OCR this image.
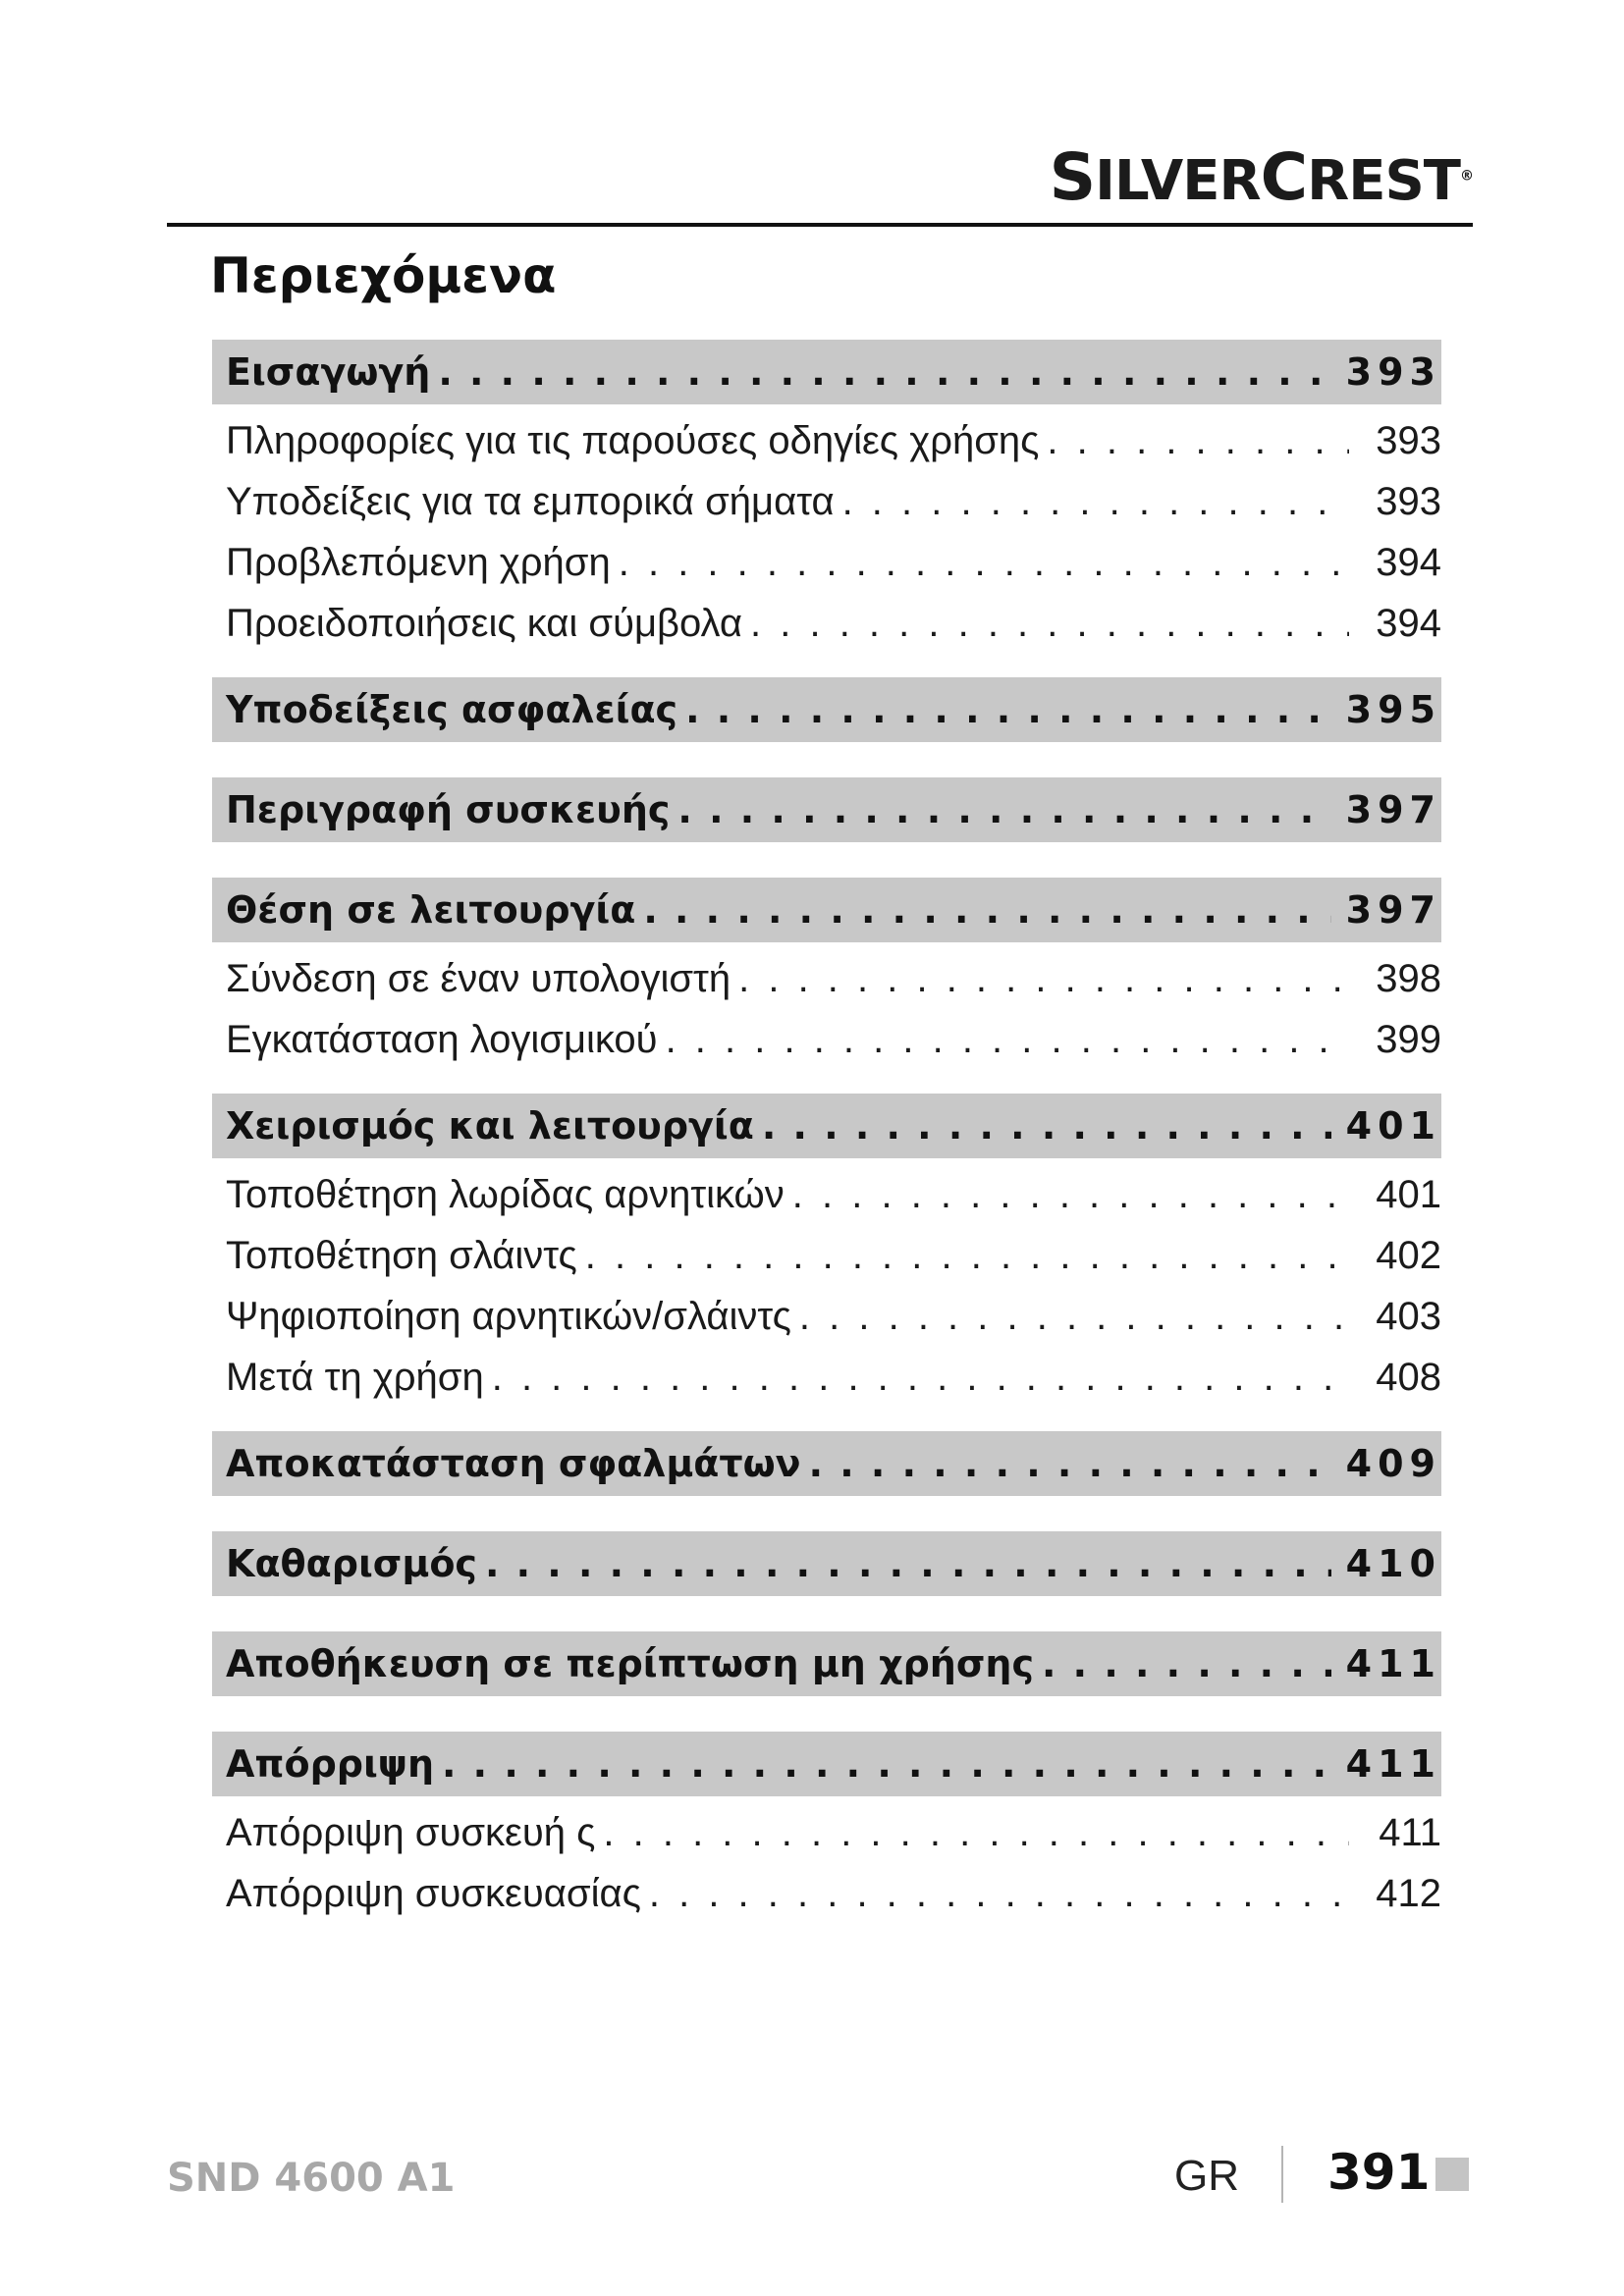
SILVERCREST®
Περιεχόμενα
Εισαγωγή . . .	393
Πληροφορίες για τις παρούσες οδηγίες χρήσης . . .	393
Υποδείξεις για τα εμπορικά σήματα . . .	393
Προβλεπόμενη χρήση . . .	394
Προειδοποιήσεις και σύμβολα . . .	394
Υποδείξεις ασφαλείας . . .	395
Περιγραφή συσκευής . . .	397
Θέση σε λειτουργία . . .	397
Σύνδεση σε έναν υπολογιστή . . .	398
Εγκατάσταση λογισμικού . . .	399
Χειρισμός και λειτουργία . . .	401
Τοποθέτηση λωρίδας αρνητικών . . .	401
Τοποθέτηση σλάιντς . . .	402
Ψηφιοποίηση αρνητικών/σλάιντς . . .	403
Μετά τη χρήση . . .	408
Αποκατάσταση σφαλμάτων . . .	409
Καθαρισμός . . .	410
Αποθήκευση σε περίπτωση μη χρήσης . . .	411
Απόρριψη . . .	411
Απόρριψη συσκευή ς . . .	411
Απόρριψη συσκευασίας . . .	412
SND 4600 A1	GR 391
